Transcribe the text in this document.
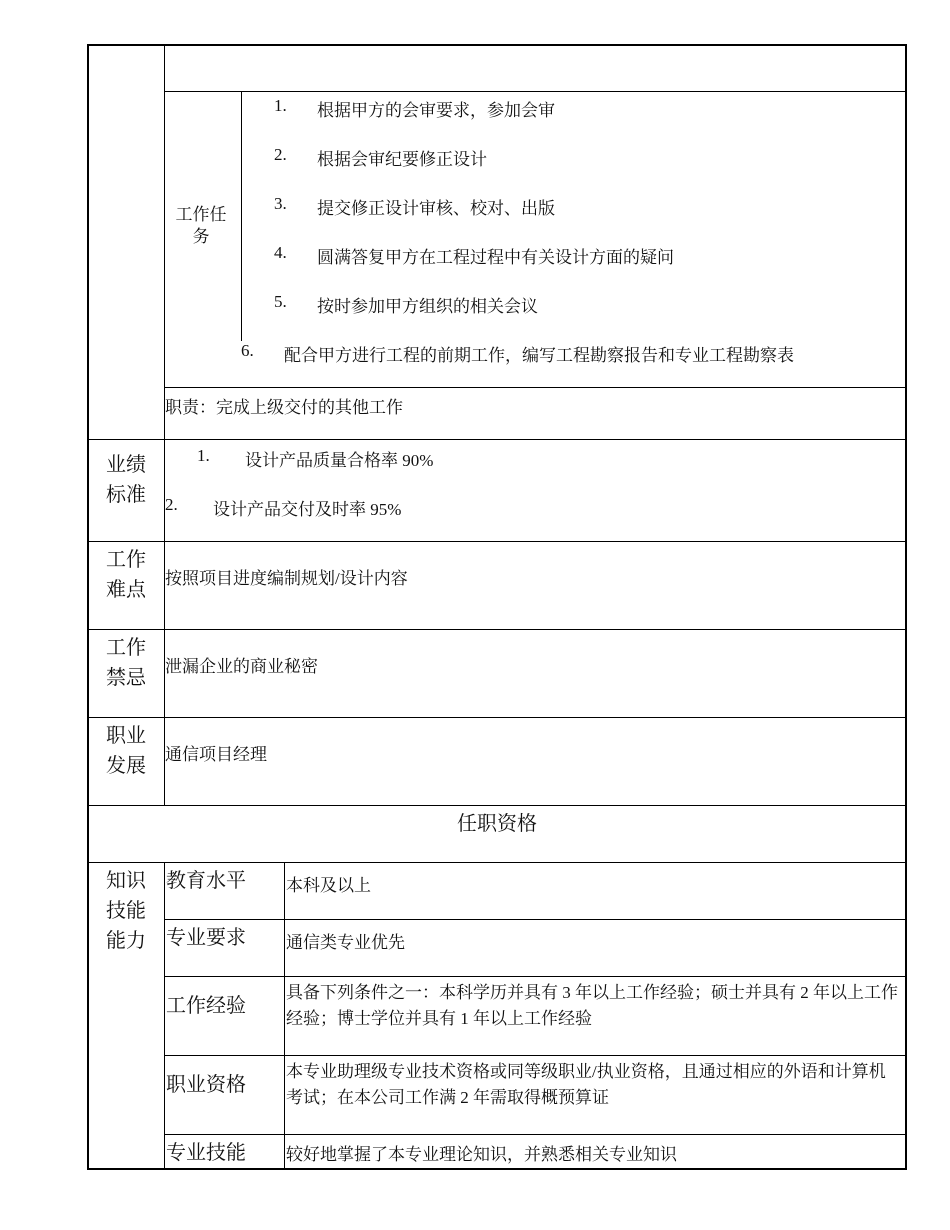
工作任务
1. 根据甲方的会审要求，参加会审
2. 根据会审纪要修正设计
3. 提交修正设计审核、校对、出版
4. 圆满答复甲方在工程过程中有关设计方面的疑问
5. 按时参加甲方组织的相关会议
6. 配合甲方进行工程的前期工作，编写工程勘察报告和专业工程勘察表
职责：完成上级交付的其他工作
业绩标准
1. 设计产品质量合格率 90%
2. 设计产品交付及时率 95%
工作难点
按照项目进度编制规划/设计内容
工作禁忌
泄漏企业的商业秘密
职业发展
通信项目经理
任职资格
知识技能能力
教育水平 本科及以上
专业要求 通信类专业优先
工作经验
具备下列条件之一：本科学历并具有 3 年以上工作经验；硕士并具有 2 年以上工作经验；博士学位并具有 1 年以上工作经验
职业资格
本专业助理级专业技术资格或同等级职业/执业资格，且通过相应的外语和计算机考试；在本公司工作满 2 年需取得概预算证
专业技能 较好地掌握了本专业理论知识，并熟悉相关专业知识
